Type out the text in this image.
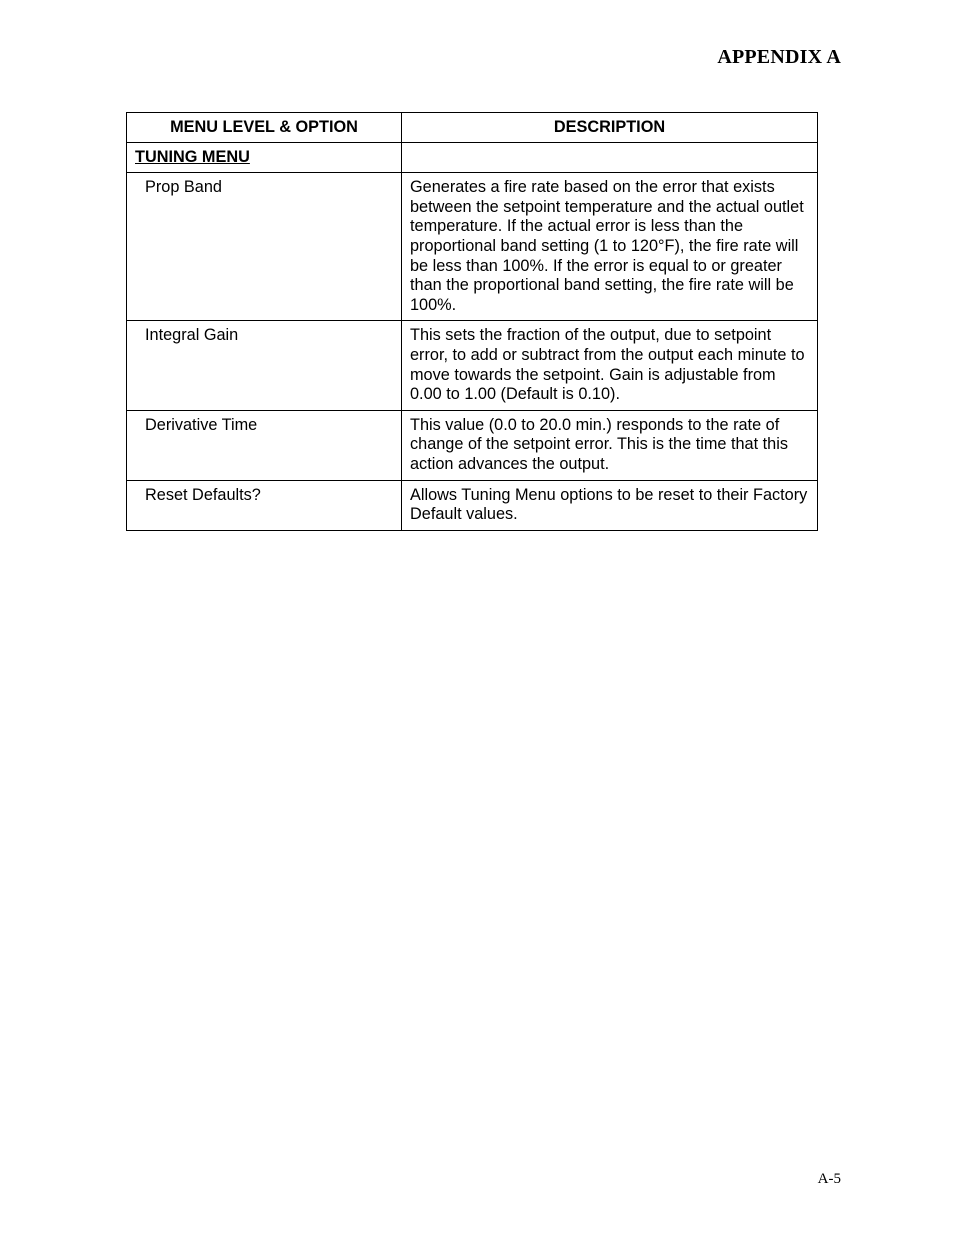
APPENDIX A
MENU LEVEL & OPTION	DESCRIPTION
TUNING MENU	
Prop Band	Generates a fire rate based on the error that exists between the setpoint temperature and the actual outlet temperature. If the actual error is less than the proportional band setting (1 to 120°F), the fire rate will be less than 100%. If the error is equal to or greater than the proportional band setting, the fire rate will be 100%.
Integral Gain	This sets the fraction of the output, due to setpoint error, to add or subtract from the output each minute to move towards the setpoint. Gain is adjustable from 0.00 to 1.00 (Default is 0.10).
Derivative Time	This value (0.0 to 20.0 min.) responds to the rate of change of the setpoint error. This is the time that this action advances the output.
Reset Defaults?	Allows Tuning Menu options to be reset to their Factory Default values.
A-5
